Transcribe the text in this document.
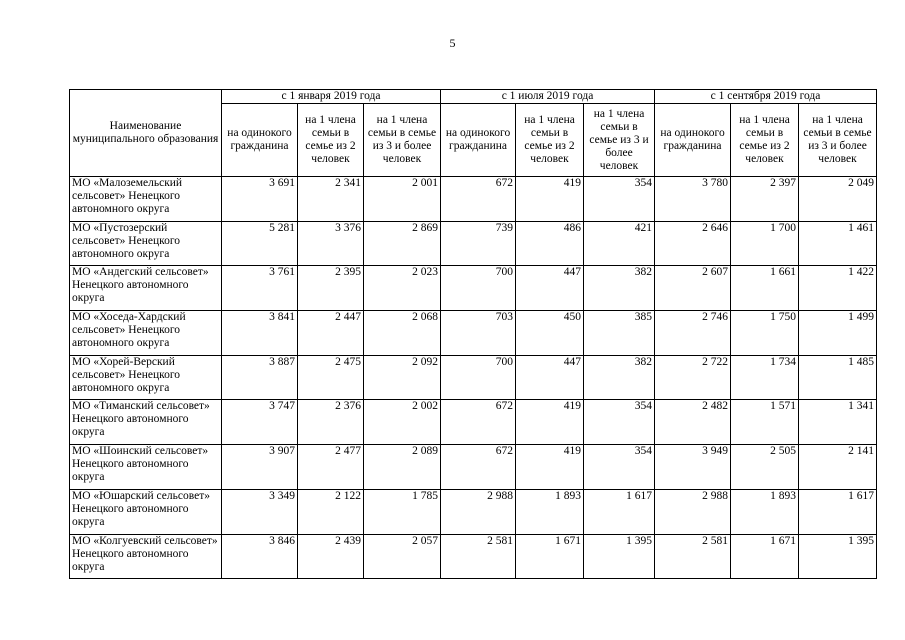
5
Наименование муниципального образования	с 1 января 2019 года			с 1 июля 2019 года			с 1 сентября 2019 года		
	на одинокого гражданина	на 1 члена семьи в семье из 2 человек	на 1 члена семьи в семье из 3 и более человек	на одинокого гражданина	на 1 члена семьи в семье из 2 человек	на 1 члена семьи в семье из 3 и более человек	на одинокого гражданина	на 1 члена семьи в семье из 2 человек	на 1 члена семьи в семье из 3 и более человек
МО «Малоземельский сельсовет» Ненецкого автономного округа	3 691	2 341	2 001	672	419	354	3 780	2 397	2 049
МО «Пустозерский сельсовет» Ненецкого автономного округа	5 281	3 376	2 869	739	486	421	2 646	1 700	1 461
МО «Андегский сельсовет» Ненецкого автономного округа	3 761	2 395	2 023	700	447	382	2 607	1 661	1 422
МО «Хоседа-Хардский сельсовет» Ненецкого автономного округа	3 841	2 447	2 068	703	450	385	2 746	1 750	1 499
МО «Хорей-Верский сельсовет» Ненецкого автономного округа	3 887	2 475	2 092	700	447	382	2 722	1 734	1 485
МО «Тиманский сельсовет» Ненецкого автономного округа	3 747	2 376	2 002	672	419	354	2 482	1 571	1 341
МО «Шоинский сельсовет» Ненецкого автономного округа	3 907	2 477	2 089	672	419	354	3 949	2 505	2 141
МО «Юшарский сельсовет» Ненецкого автономного округа	3 349	2 122	1 785	2 988	1 893	1 617	2 988	1 893	1 617
МО «Колгуевский сельсовет» Ненецкого автономного округа	3 846	2 439	2 057	2 581	1 671	1 395	2 581	1 671	1 395
